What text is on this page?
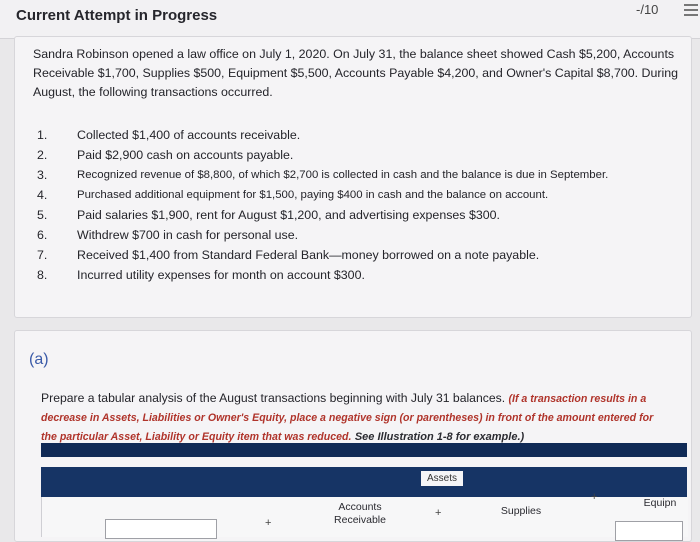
Current Attempt in Progress	-/10

Sandra Robinson opened a law office on July 1, 2020. On July 31, the balance sheet showed Cash $5,200, Accounts Receivable $1,700, Supplies $500, Equipment $5,500, Accounts Payable $4,200, and Owner's Capital $8,700. During August, the following transactions occurred.

1.	Collected $1,400 of accounts receivable.
2.	Paid $2,900 cash on accounts payable.
3.	Recognized revenue of $8,800, of which $2,700 is collected in cash and the balance is due in September.
4.	Purchased additional equipment for $1,500, paying $400 in cash and the balance on account.
5.	Paid salaries $1,900, rent for August $1,200, and advertising expenses $300.
6.	Withdrew $700 in cash for personal use.
7.	Received $1,400 from Standard Federal Bank—money borrowed on a note payable.
8.	Incurred utility expenses for month on account $300.
(a)

Prepare a tabular analysis of the August transactions beginning with July 31 balances. (If a transaction results in a decrease in Assets, Liabilities or Owner's Equity, place a negative sign (or parentheses) in front of the amount entered for the particular Asset, Liability or Equity item that was reduced. See Illustration 1-8 for example.)

Assets
+
Accounts Receivable
+	Supplies
+	Equipn
